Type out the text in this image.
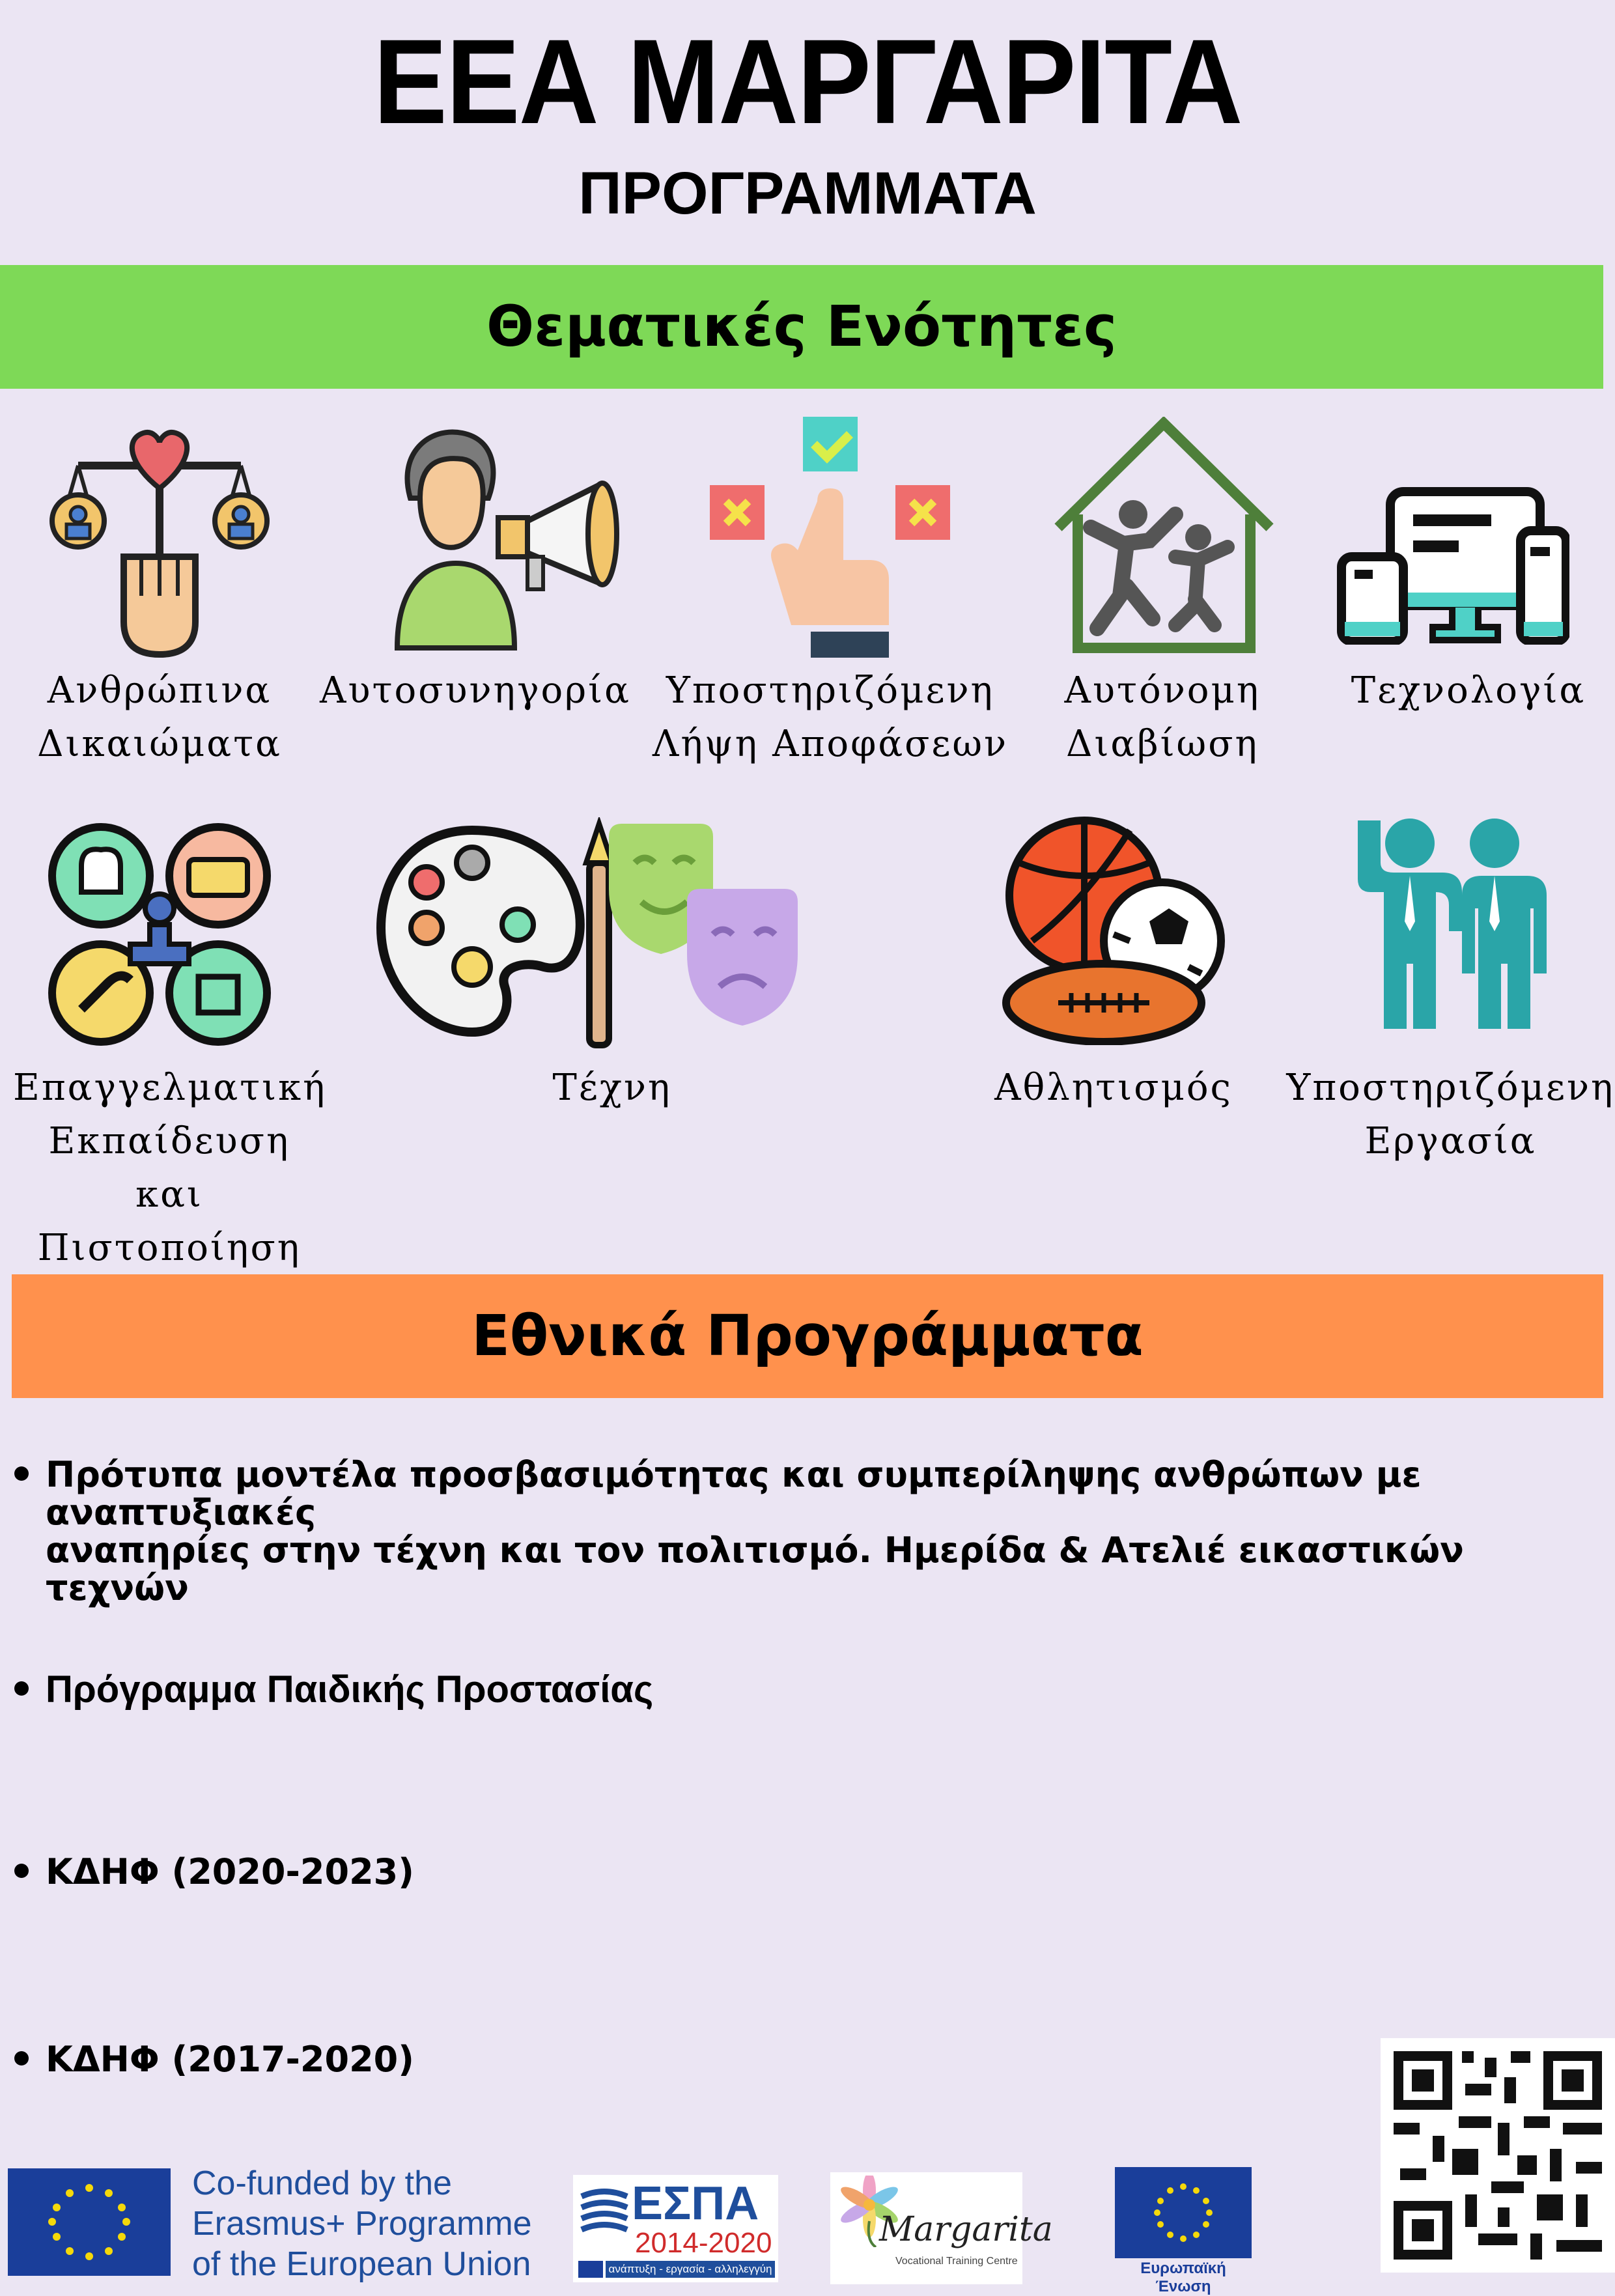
ΕΕΑ ΜΑΡΓΑΡΙΤΑ
ΠΡΟΓΡΑΜΜΑΤΑ
Θεματικές Ενότητες
Ανθρώπινα
Δικαιώματα
Αυτοσυνηγορία Υποστηριζόμενη
Λήψη Αποφάσεων
Αυτόνομη
Διαβίωση
Τεχνολογία
Επαγγελματική
Εκπαίδευση και
Πιστοποίηση
Τέχνη	Αθλητισμός	Υποστηριζόμενη
Εργασία
Εθνικά Προγράμματα
Πρότυπα μοντέλα προσβασιμότητας και συμπερίληψης ανθρώπων με αναπτυξιακές
αναπηρίες στην τέχνη και τον πολιτισμό. Ημερίδα & Ατελιέ εικαστικών τεχνών
Πρόγραμμα Παιδικής Προστασίας
ΚΔΗΦ (2020-2023)
ΚΔΗΦ (2017-2020)
Co-funded by the
Erasmus+ Programme
of the European Union
ΕΣΠΑ
2014-2020
ανάπτυξη - εργασία - αλληλεγγύη
Margarita
Vocational Training Centre	Ευρωπαϊκή Ένωση
